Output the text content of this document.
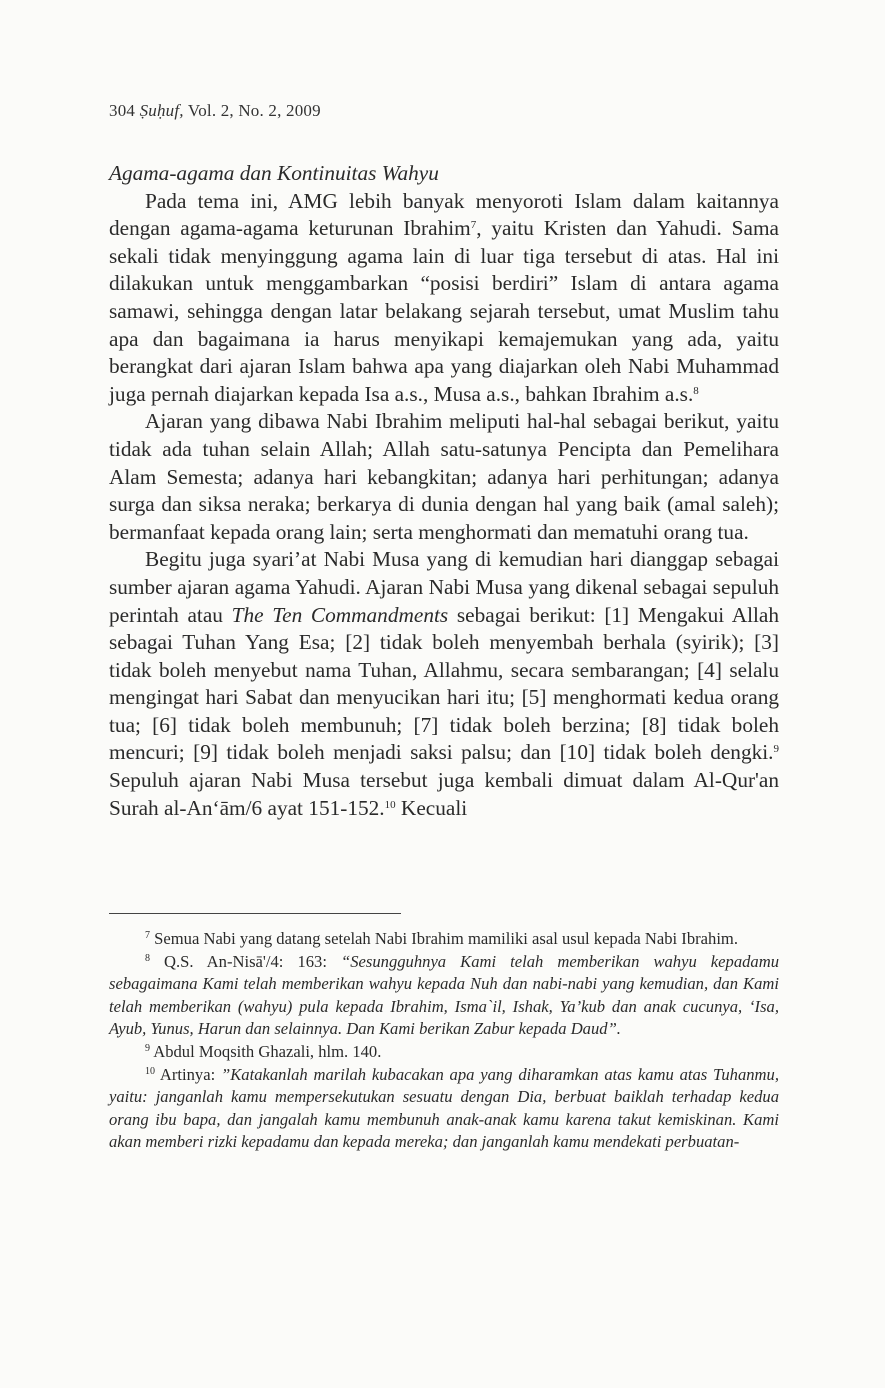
304 Ṣuḥuf, Vol. 2, No. 2, 2009
Agama-agama dan Kontinuitas Wahyu

Pada tema ini, AMG lebih banyak menyoroti Islam dalam kaitannya dengan agama-agama keturunan Ibrahim$^7$, yaitu Kristen dan Yahudi. Sama sekali tidak menyinggung agama lain di luar tiga tersebut di atas. Hal ini dilakukan untuk menggambarkan “posisi berdiri” Islam di antara agama samawi, sehingga dengan latar belakang sejarah tersebut, umat Muslim tahu apa dan bagaimana ia harus menyikapi kemajemukan yang ada, yaitu berangkat dari ajaran Islam bahwa apa yang diajarkan oleh Nabi Muhammad juga pernah diajarkan kepada Isa a.s., Musa a.s., bahkan Ibrahim a.s.$^8$

Ajaran yang dibawa Nabi Ibrahim meliputi hal-hal sebagai berikut, yaitu tidak ada tuhan selain Allah; Allah satu-satunya Pencipta dan Pemelihara Alam Semesta; adanya hari kebangkitan; adanya hari perhitungan; adanya surga dan siksa neraka; berkarya di dunia dengan hal yang baik (amal saleh); bermanfaat kepada orang lain; serta menghormati dan mematuhi orang tua.

Begitu juga syari’at Nabi Musa yang di kemudian hari dianggap sebagai sumber ajaran agama Yahudi. Ajaran Nabi Musa yang dikenal sebagai sepuluh perintah atau The Ten Commandments sebagai berikut: [1] Mengakui Allah sebagai Tuhan Yang Esa; [2] tidak boleh menyembah berhala (syirik); [3] tidak boleh menyebut nama Tuhan, Allahmu, secara sembarangan; [4] selalu mengingat hari Sabat dan menyucikan hari itu; [5] menghormati kedua orang tua; [6] tidak boleh membunuh; [7] tidak boleh berzina; [8] tidak boleh mencuri; [9] tidak boleh menjadi saksi palsu; dan [10] tidak boleh dengki.$^9$ Sepuluh ajaran Nabi Musa tersebut juga kembali dimuat dalam Al-Qur'an Surah al-An‘ām/6 ayat 151-152.10 Kecuali

$^7$ Semua Nabi yang datang setelah Nabi Ibrahim mamiliki asal usul kepada Nabi Ibrahim.

$^8$ Q.S. An-Nisā'/4: 163: “Sesungguhnya Kami telah memberikan wahyu kepadamu sebagaimana Kami telah memberikan wahyu kepada Nuh dan nabi-nabi yang kemudian, dan Kami telah memberikan (wahyu) pula kepada Ibrahim, Isma`il, Ishak, Ya’kub dan anak cucunya, ‘Isa, Ayub, Yunus, Harun dan selainnya. Dan Kami berikan Zabur kepada Daud”.

$^9$ Abdul Moqsith Ghazali, hlm. 140.

$^{10}$ Artinya: ”Katakanlah marilah kubacakan apa yang diharamkan atas kamu atas Tuhanmu, yaitu: janganlah kamu mempersekutukan sesuatu dengan Dia, berbuat baiklah terhadap kedua orang ibu bapa, dan jangalah kamu membunuh anak-anak kamu karena takut kemiskinan. Kami akan memberi rizki kepadamu dan kepada mereka; dan janganlah kamu mendekati perbuatan-
